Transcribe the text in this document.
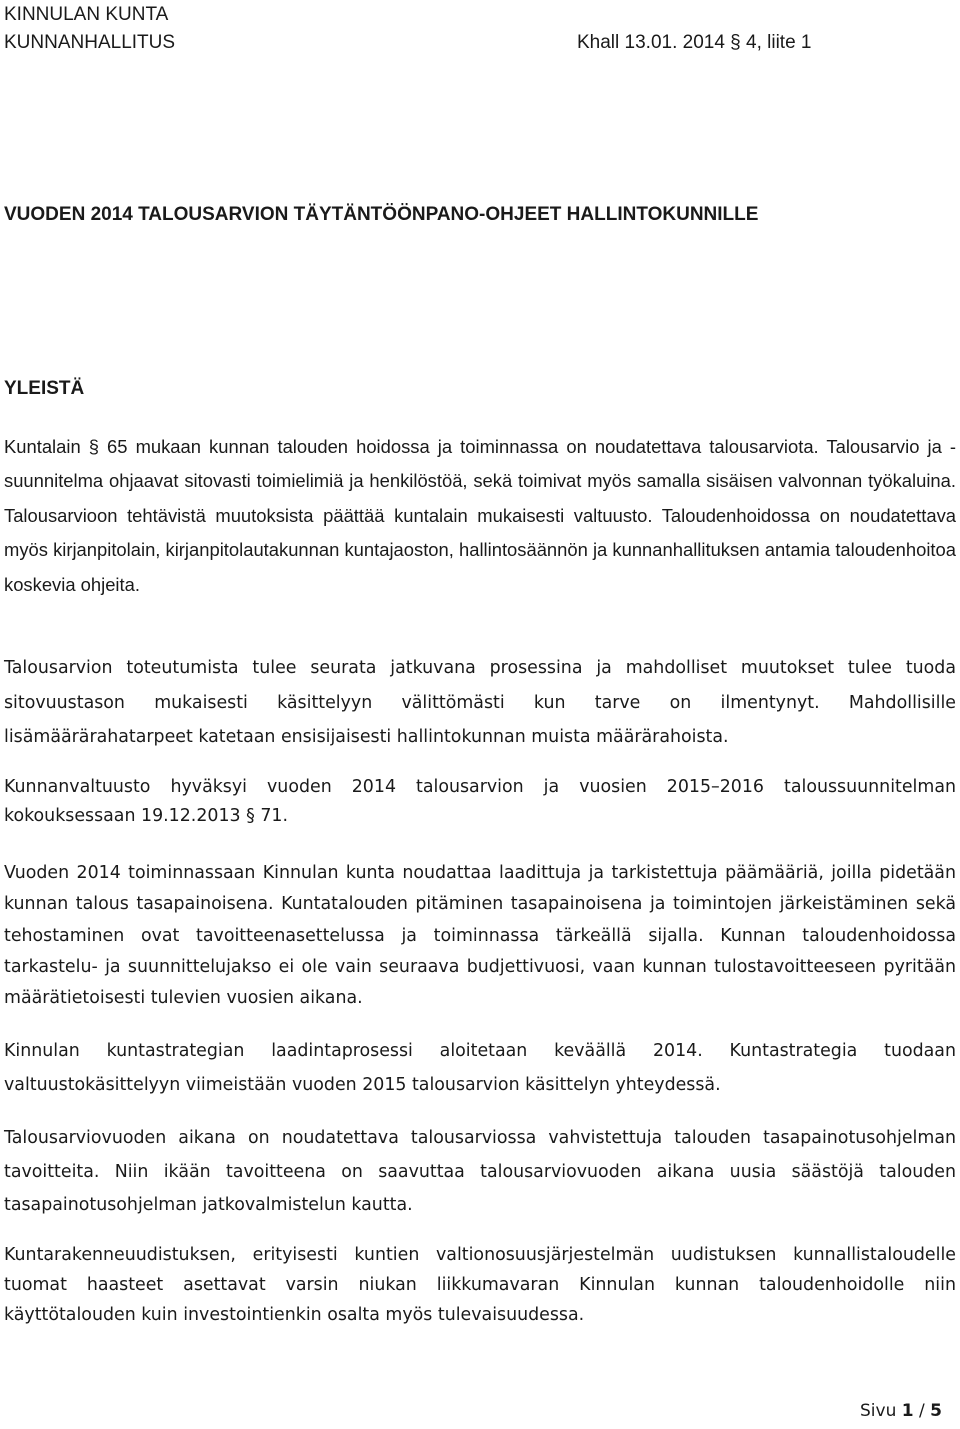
KINNULAN KUNTA
KUNNANHALLITUS	Khall 13.01. 2014 § 4, liite 1
VUODEN 2014 TALOUSARVION TÄYTÄNTÖÖNPANO-OHJEET HALLINTOKUNNILLE
YLEISTÄ

Kuntalain § 65 mukaan kunnan talouden hoidossa ja toiminnassa on noudatettava talousarviota. Talousarvio ja -suunnitelma ohjaavat sitovasti toimielimiä ja henkilöstöä, sekä toimivat myös samalla sisäisen valvonnan työkaluina. Talousarvioon tehtävistä muutoksista päättää kuntalain mukaisesti valtuusto. Taloudenhoidossa on noudatettava myös kirjanpitolain, kirjanpitolautakunnan kuntajaoston, hallintosäännön ja kunnanhallituksen antamia taloudenhoitoa koskevia ohjeita.

Talousarvion toteutumista tulee seurata jatkuvana prosessina ja mahdolliset muutokset tulee tuoda sitovuustason mukaisesti käsittelyyn välittömästi kun tarve on ilmentynyt. Mahdollisille lisämäärärahatarpeet katetaan ensisijaisesti hallintokunnan muista määrärahoista.

Kunnanvaltuusto hyväksyi vuoden 2014 talousarvion ja vuosien 2015–2016 taloussuunnitelman kokouksessaan 19.12.2013 § 71.

Vuoden 2014 toiminnassaan Kinnulan kunta noudattaa laadittuja ja tarkistettuja päämääriä, joilla pidetään kunnan talous tasapainoisena. Kuntatalouden pitäminen tasapainoisena ja toimintojen järkeistäminen sekä tehostaminen ovat tavoitteenasettelussa ja toiminnassa tärkeällä sijalla. Kunnan taloudenhoidossa tarkastelu- ja suunnittelujakso ei ole vain seuraava budjettivuosi, vaan kunnan tulostavoitteeseen pyritään määrätietoisesti tulevien vuosien aikana.

Kinnulan kuntastrategian laadintaprosessi aloitetaan keväällä 2014. Kuntastrategia tuodaan valtuustokäsittelyyn viimeistään vuoden 2015 talousarvion käsittelyn yhteydessä.

Talousarviovuoden aikana on noudatettava talousarviossa vahvistettuja talouden tasapainotusohjelman tavoitteita. Niin ikään tavoitteena on saavuttaa talousarviovuoden aikana uusia säästöjä talouden tasapainotusohjelman jatkovalmistelun kautta.

Kuntarakenneuudistuksen, erityisesti kuntien valtionosuusjärjestelmän uudistuksen kunnallistaloudelle tuomat haasteet asettavat varsin niukan liikkumavaran Kinnulan kunnan taloudenhoidolle niin käyttötalouden kuin investointienkin osalta myös tulevaisuudessa.

Sivu 1 / 5
